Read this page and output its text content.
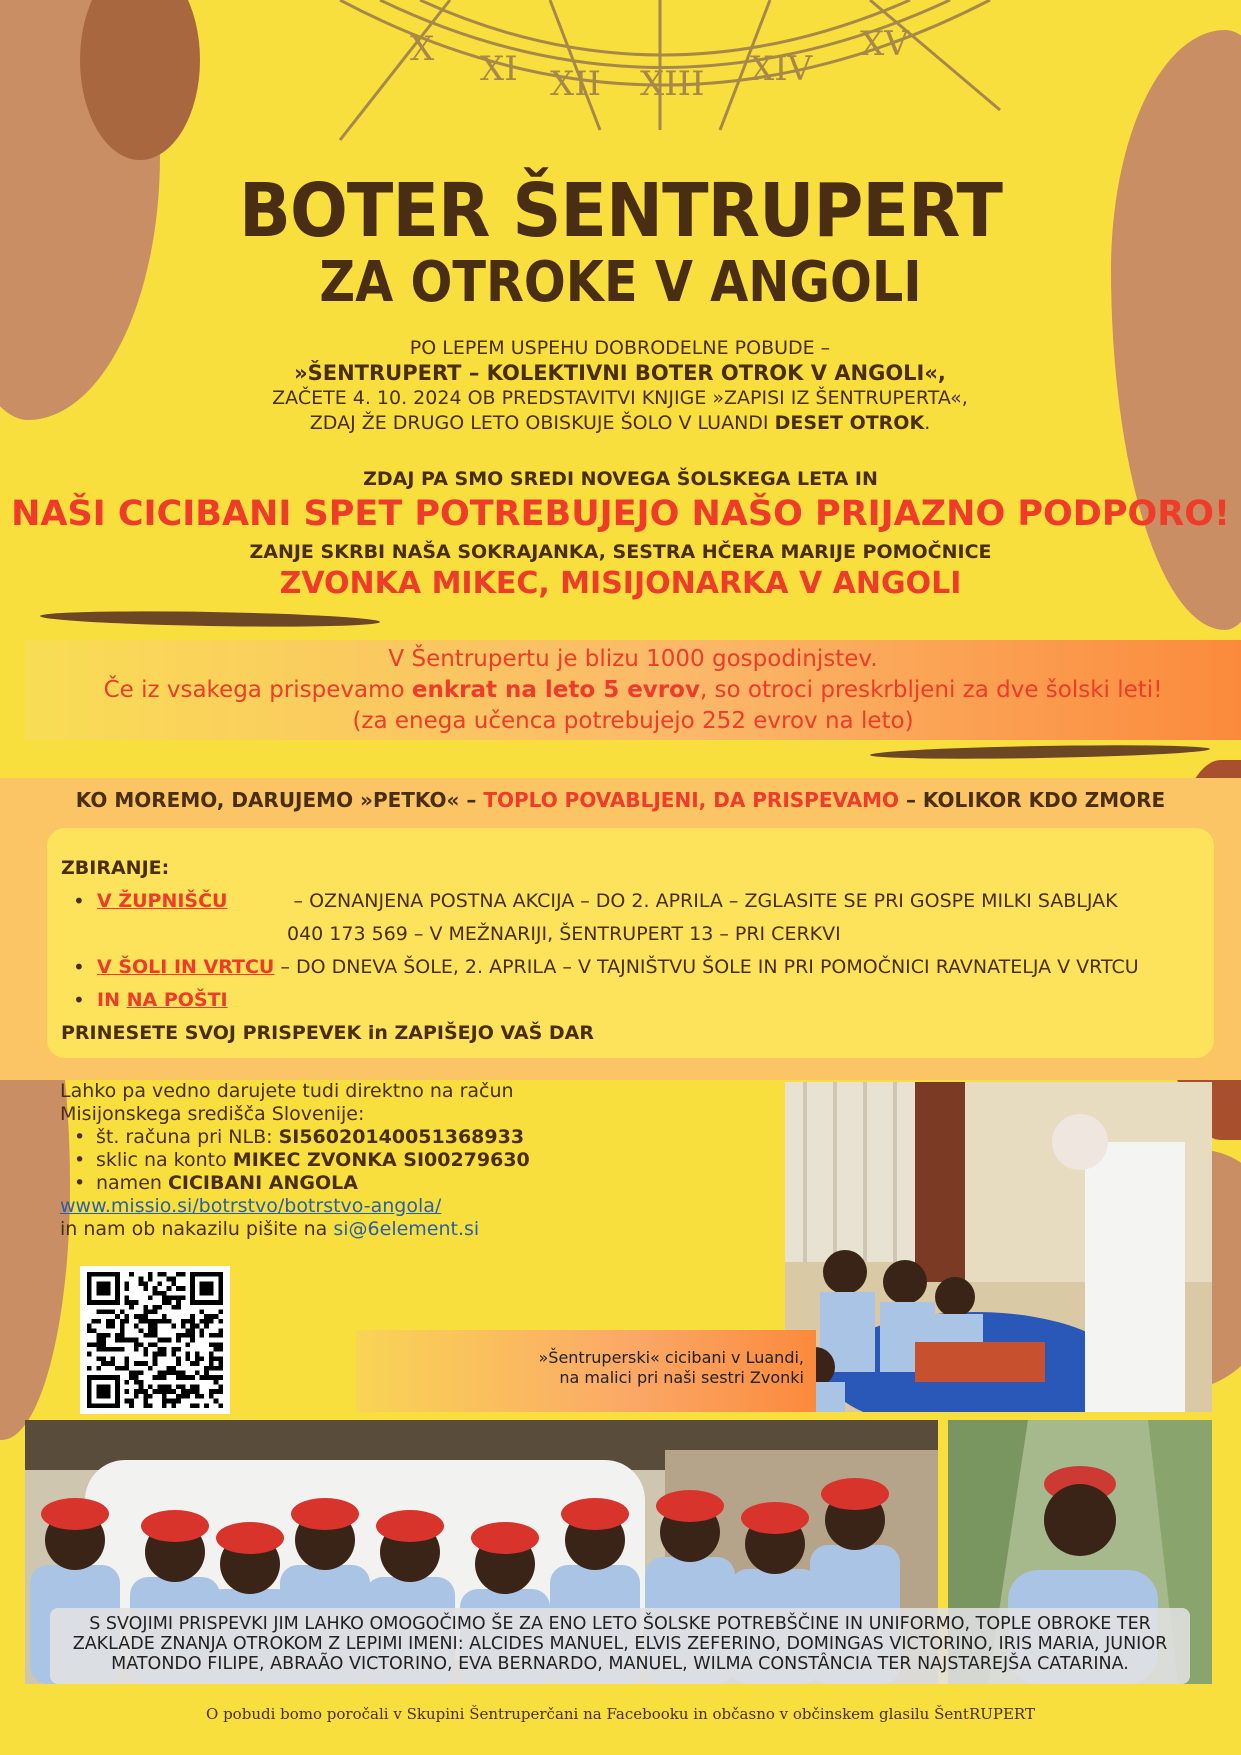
X XI XII XIII XIV
XV
BOTER ŠENTRUPERT
ZA OTROKE V ANGOLI
PO LEPEM USPEHU DOBRODELNE POBUDE –
»ŠENTRUPERT – KOLEKTIVNI BOTER OTROK V ANGOLI«,
ZAČETE 4. 10. 2024 OB PREDSTAVITVI KNJIGE »ZAPISI IZ ŠENTRUPERTA«,
ZDAJ ŽE DRUGO LETO OBISKUJE ŠOLO V LUANDI DESET OTROK.
ZDAJ PA SMO SREDI NOVEGA ŠOLSKEGA LETA IN
NAŠI CICIBANI SPET POTREBUJEJO NAŠO PRIJAZNO PODPORO!
ZANJE SKRBI NAŠA SOKRAJANKA, SESTRA HČERA MARIJE POMOČNICE
ZVONKA MIKEC, MISIJONARKA V ANGOLI
V Šentrupertu je blizu 1000 gospodinjstev.
Če iz vsakega prispevamo enkrat na leto 5 evrov, so otroci preskrbljeni za dve šolski leti!
(za enega učenca potrebujejo 252 evrov na leto)
KO MOREMO, DARUJEMO »PETKO« – TOPLO POVABLJENI, DA PRISPEVAMO – KOLIKOR KDO ZMORE
ZBIRANJE:
• V ŽUPNIŠČU	– OZNANJENA POSTNA AKCIJA – DO 2. APRILA – ZGLASITE SE PRI GOSPE MILKI SABLJAK
040 173 569 – V MEŽNARIJI, ŠENTRUPERT 13 – PRI CERKVI
• V ŠOLI IN VRTCU – DO DNEVA ŠOLE, 2. APRILA – V TAJNIŠTVU ŠOLE IN PRI POMOČNICI RAVNATELJA V VRTCU
• IN NA POŠTI
PRINESETE SVOJ PRISPEVEK in ZAPIŠEJO VAŠ DAR
Lahko pa vedno darujete tudi direktno na račun
Misijonskega središča Slovenije:
• št. računa pri NLB: SI56020140051368933
• sklic na konto MIKEC ZVONKA SI00279630
• namen CICIBANI ANGOLA
www.missio.si/botrstvo/botrstvo-angola/
in nam ob nakazilu pišite na si@6element.si
»Šentruperski« cicibani v Luandi,
na malici pri naši sestri Zvonki
S SVOJIMI PRISPEVKI JIM LAHKO OMOGOČIMO ŠE ZA ENO LETO ŠOLSKE POTREBŠČINE IN UNIFORMO, TOPLE OBROKE TER
ZAKLADE ZNANJA OTROKOM Z LEPIMI IMENI: ALCIDES MANUEL, ELVIS ZEFERINO, DOMINGAS VICTORINO, IRIS MARIA, JUNIOR
MATONDO FILIPE, ABRAÃO VICTORINO, EVA BERNARDO, MANUEL, WILMA CONSTÂNCIA TER NAJSTAREJŠA CATARINA.
O pobudi bomo poročali v Skupini Šentruperčani na Facebooku in občasno v občinskem glasilu ŠentRUPERT
